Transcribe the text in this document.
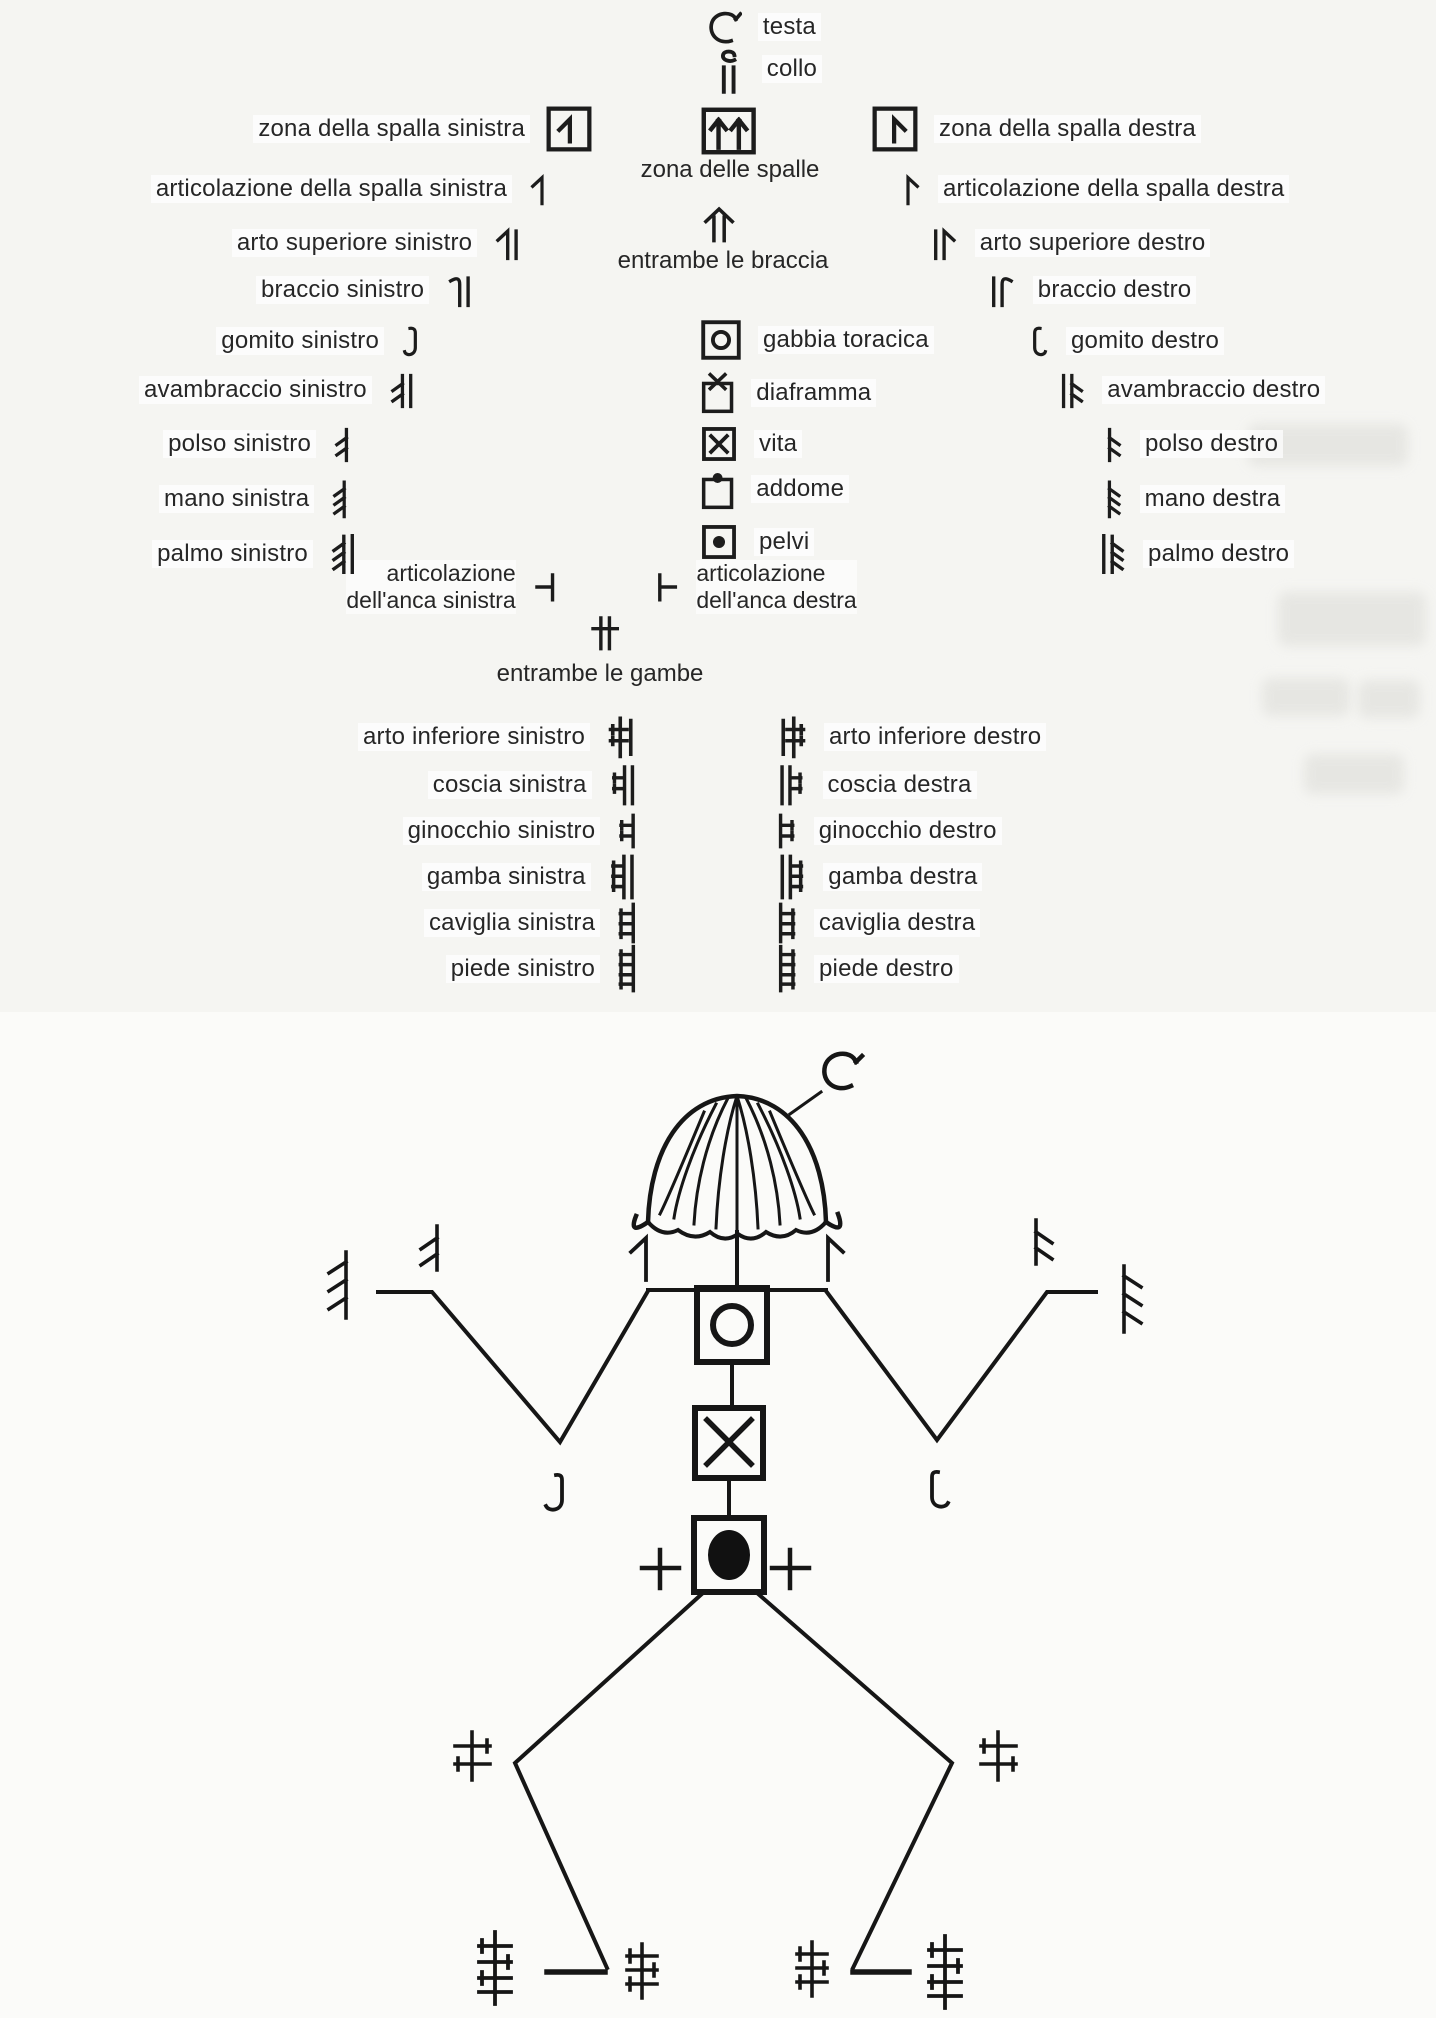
testa
collo
zona delle spalle
entrambe le braccia
gabbia toracica
diaframma
vita
addome
pelvi
articolazione
dell'anca sinistra
articolazione
dell'anca destra
entrambe le gambe
zona della spalla sinistra
articolazione della spalla sinistra
arto superiore sinistro
braccio sinistro
gomito sinistro
avambraccio sinistro
polso sinistro
mano sinistra
palmo sinistro
zona della spalla destra
articolazione della spalla destra
arto superiore destro
braccio destro
gomito destro
avambraccio destro
polso destro
mano destra
palmo destro
arto inferiore sinistro
coscia sinistra
ginocchio sinistro
gamba sinistra
caviglia sinistra
piede sinistro
arto inferiore destro
coscia destra
ginocchio destro
gamba destra
caviglia destra
piede destro
